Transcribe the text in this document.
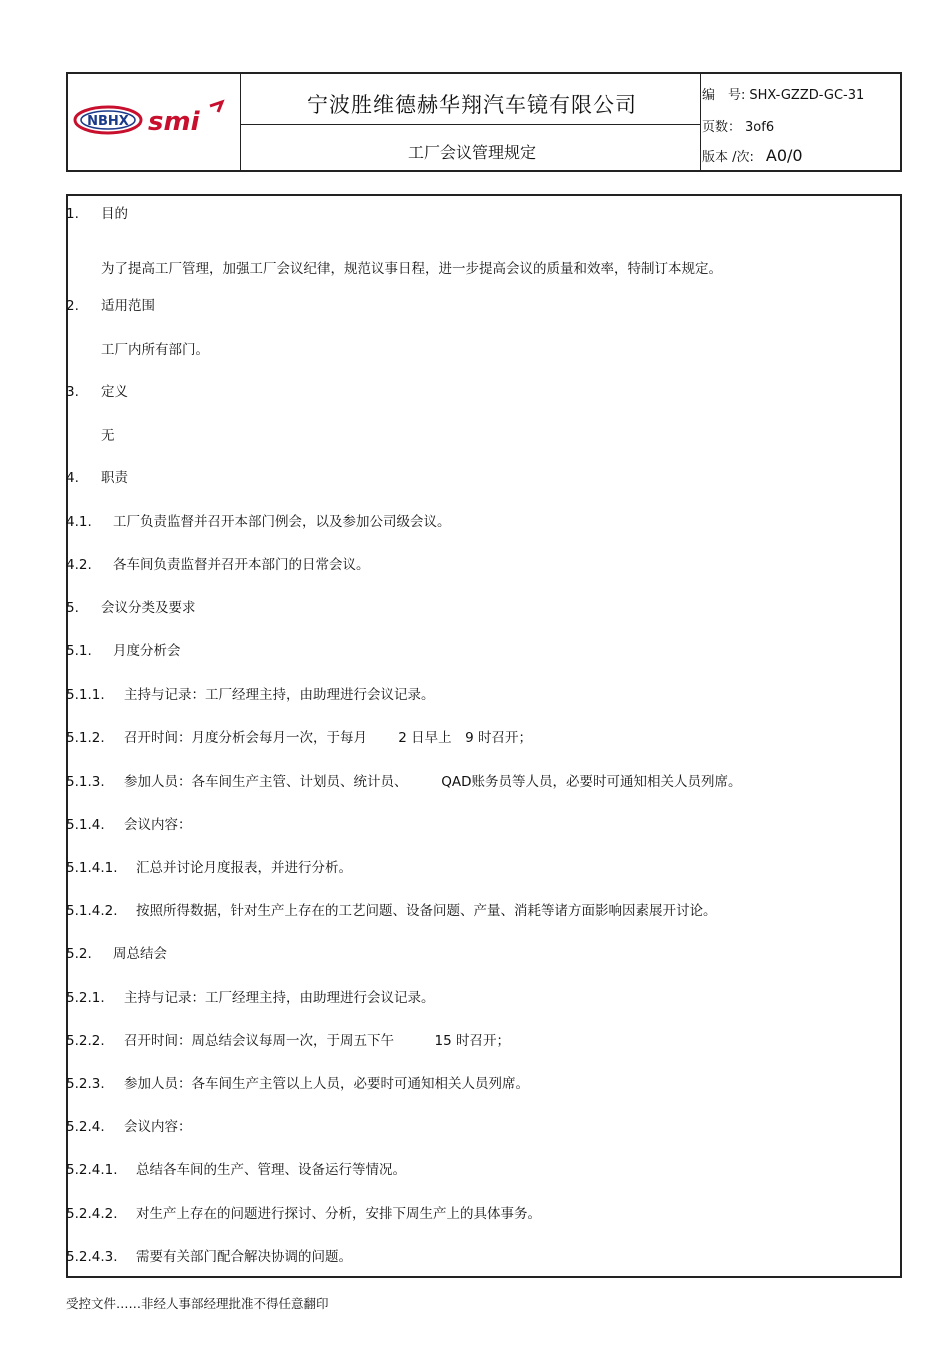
NBHX smi
宁波胜维德赫华翔汽车镜有限公司
工厂会议管理规定
编　号: SHX-GZZD-GC-31
页数： 3of6
版本 /次: A0/0
1. 目的
为了提高工厂管理，加强工厂会议纪律，规范议事日程，进一步提高会议的质量和效率，特制订本规定。
2. 适用范围
工厂内所有部门。
3. 定义
无
4. 职责
4.1. 工厂负责监督并召开本部门例会，以及参加公司级会议。
4.2. 各车间负责监督并召开本部门的日常会议。
5. 会议分类及要求
5.1. 月度分析会
5.1.1. 主持与记录：工厂经理主持，由助理进行会议记录。
5.1.2. 召开时间：月度分析会每月一次，于每月　　 2 日早上　9 时召开；
5.1.3. 参加人员：各车间生产主管、计划员、统计员、　　　QAD账务员等人员，必要时可通知相关人员列席。
5.1.4. 会议内容：
5.1.4.1. 汇总并讨论月度报表，并进行分析。
5.1.4.2. 按照所得数据，针对生产上存在的工艺问题、设备问题、产量、消耗等诸方面影响因素展开讨论。
5.2. 周总结会
5.2.1. 主持与记录：工厂经理主持，由助理进行会议记录。
5.2.2. 召开时间：周总结会议每周一次，于周五下午　　　15 时召开；
5.2.3. 参加人员：各车间生产主管以上人员，必要时可通知相关人员列席。
5.2.4. 会议内容：
5.2.4.1. 总结各车间的生产、管理、设备运行等情况。
5.2.4.2. 对生产上存在的问题进行探讨、分析，安排下周生产上的具体事务。
5.2.4.3. 需要有关部门配合解决协调的问题。
受控文件……非经人事部经理批准不得任意翻印
